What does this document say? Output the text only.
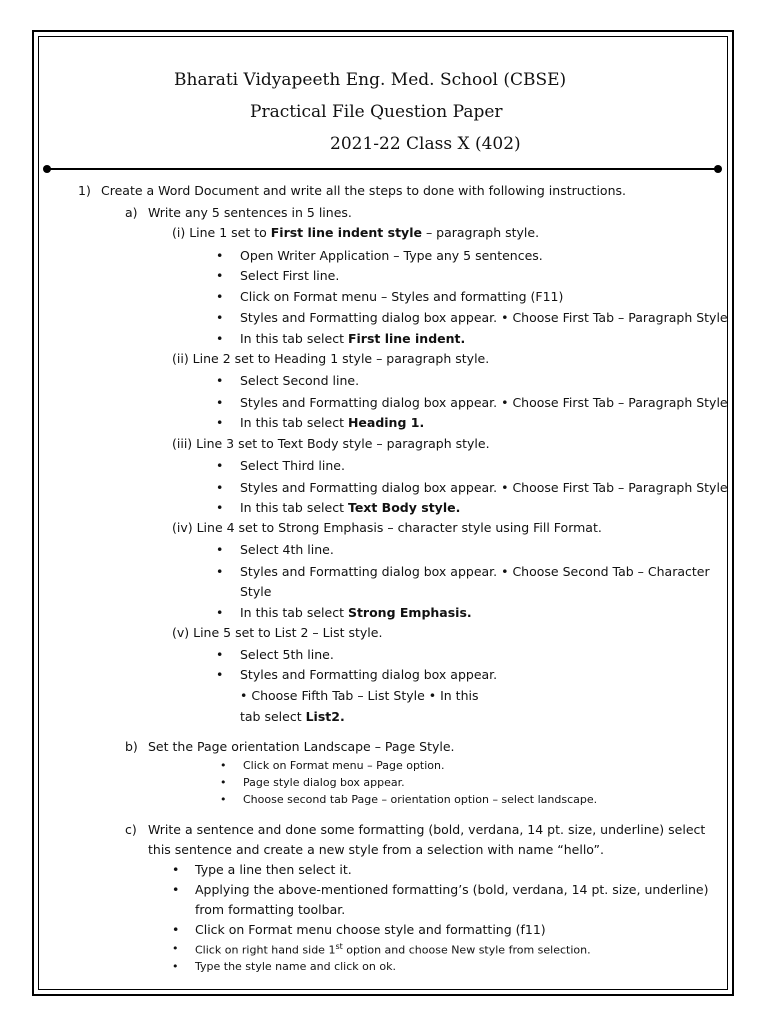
Bharati Vidyapeeth Eng. Med. School (CBSE)
Practical File Question Paper
2021-22 Class X (402)
1) Create a Word Document and write all the steps to done with following instructions.
a) Write any 5 sentences in 5 lines.
(i) Line 1 set to First line indent style – paragraph style.
• Open Writer Application – Type any 5 sentences.
• Select First line.
• Click on Format menu – Styles and formatting (F11)
• Styles and Formatting dialog box appear. • Choose First Tab – Paragraph Style
• In this tab select First line indent.
(ii) Line 2 set to Heading 1 style – paragraph style.
• Select Second line.
• Styles and Formatting dialog box appear. • Choose First Tab – Paragraph Style
• In this tab select Heading 1.
(iii) Line 3 set to Text Body style – paragraph style.
• Select Third line.
• Styles and Formatting dialog box appear. • Choose First Tab – Paragraph Style
• In this tab select Text Body style.
(iv) Line 4 set to Strong Emphasis – character style using Fill Format.
• Select 4th line.
• Styles and Formatting dialog box appear. • Choose Second Tab – Character
Style
• In this tab select Strong Emphasis.
(v) Line 5 set to List 2 – List style.
• Select 5th line.
• Styles and Formatting dialog box appear.
• Choose Fifth Tab – List Style • In this
tab select List2.
b) Set the Page orientation Landscape – Page Style.
• Click on Format menu – Page option.
• Page style dialog box appear.
• Choose second tab Page – orientation option – select landscape.
c) Write a sentence and done some formatting (bold, verdana, 14 pt. size, underline) select
this sentence and create a new style from a selection with name “hello”.
• Type a line then select it.
• Applying the above-mentioned formatting’s (bold, verdana, 14 pt. size, underline)
from formatting toolbar.
• Click on Format menu choose style and formatting (f11)
• Click on right hand side 1st option and choose New style from selection.
• Type the style name and click on ok.
